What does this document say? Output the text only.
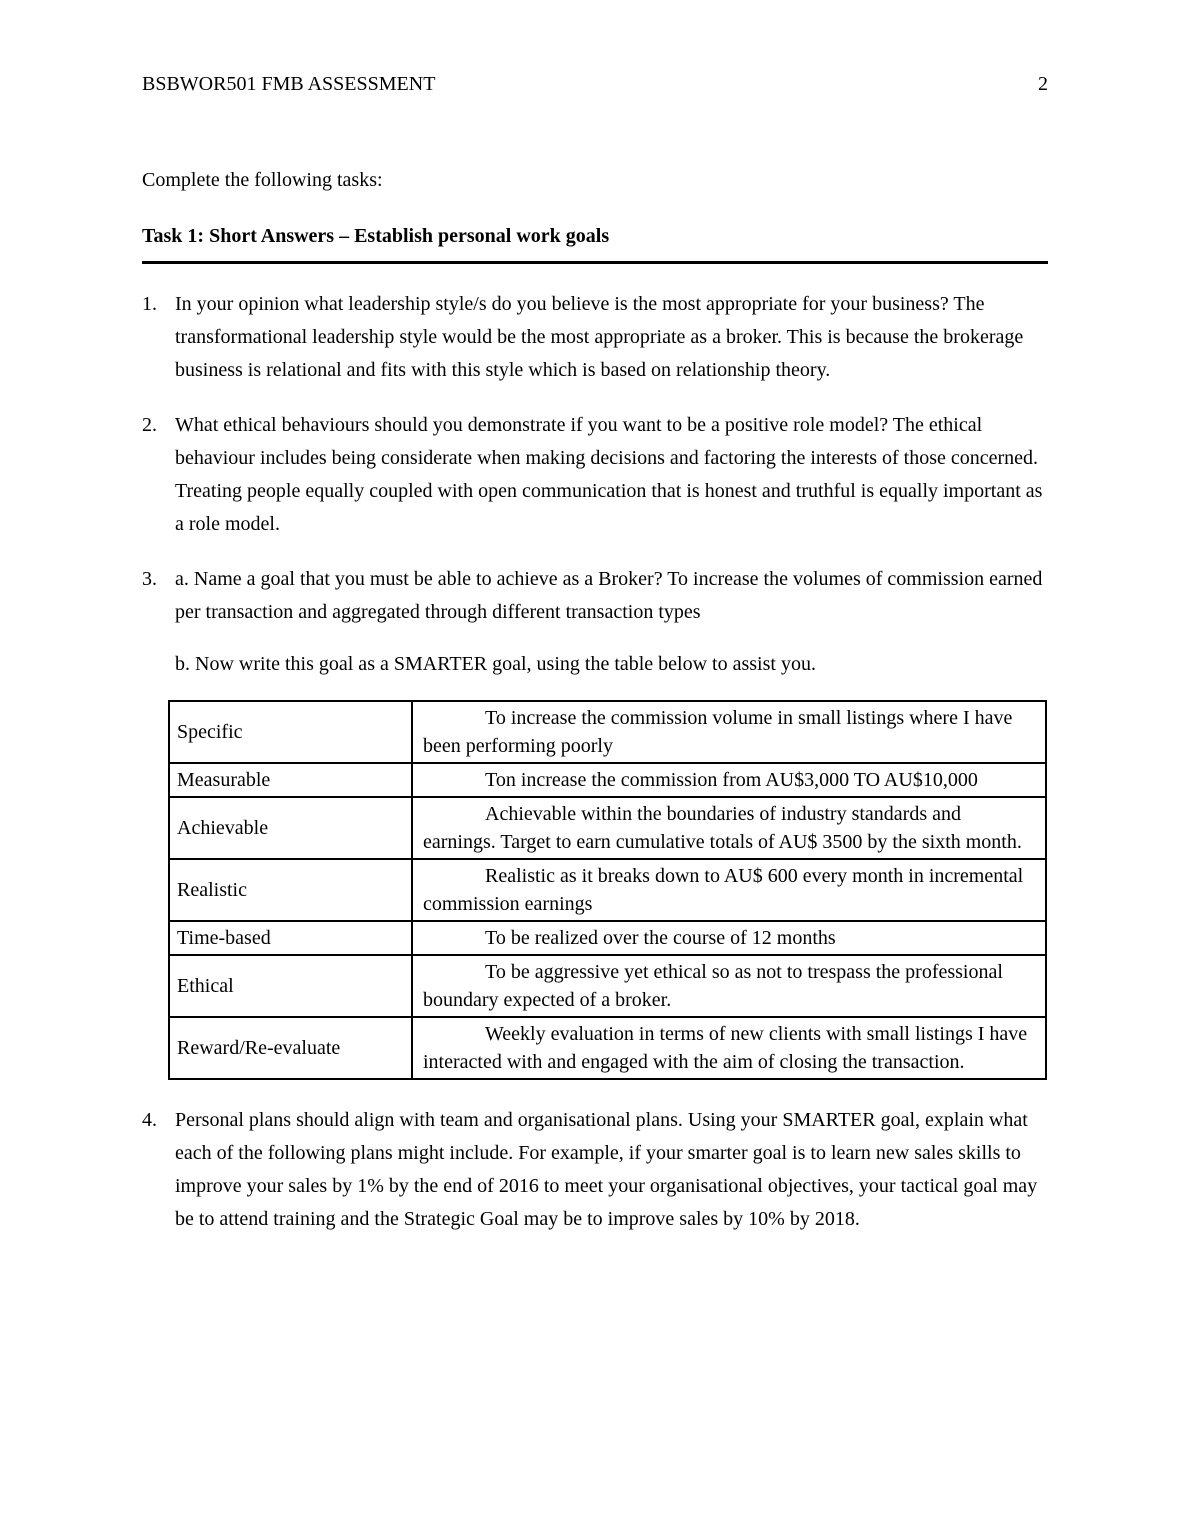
BSBWOR501 FMB ASSESSMENT	2

Complete the following tasks:

Task 1: Short Answers – Establish personal work goals
1. In your opinion what leadership style/s do you believe is the most appropriate for your business? The transformational leadership style would be the most appropriate as a broker. This is because the brokerage business is relational and fits with this style which is based on relationship theory.
2. What ethical behaviours should you demonstrate if you want to be a positive role model? The ethical behaviour includes being considerate when making decisions and factoring the interests of those concerned. Treating people equally coupled with open communication that is honest and truthful is equally important as a role model.
3. a. Name a goal that you must be able to achieve as a Broker? To increase the volumes of commission earned per transaction and aggregated through different transaction types

b. Now write this goal as a SMARTER goal, using the table below to assist you.

Specific	To increase the commission volume in small listings where I have been performing poorly
Measurable	Ton increase the commission from AU$3,000 TO AU$10,000
Achievable	Achievable within the boundaries of industry standards and earnings. Target to earn cumulative totals of AU$ 3500 by the sixth month.
Realistic	Realistic as it breaks down to AU$ 600 every month in incremental commission earnings
Time-based	To be realized over the course of 12 months
Ethical	To be aggressive yet ethical so as not to trespass the professional boundary expected of a broker.
Reward/Re-evaluate	Weekly evaluation in terms of new clients with small listings I have interacted with and engaged with the aim of closing the transaction.
4. Personal plans should align with team and organisational plans. Using your SMARTER goal, explain what each of the following plans might include. For example, if your smarter goal is to learn new sales skills to improve your sales by 1% by the end of 2016 to meet your organisational objectives, your tactical goal may be to attend training and the Strategic Goal may be to improve sales by 10% by 2018.
